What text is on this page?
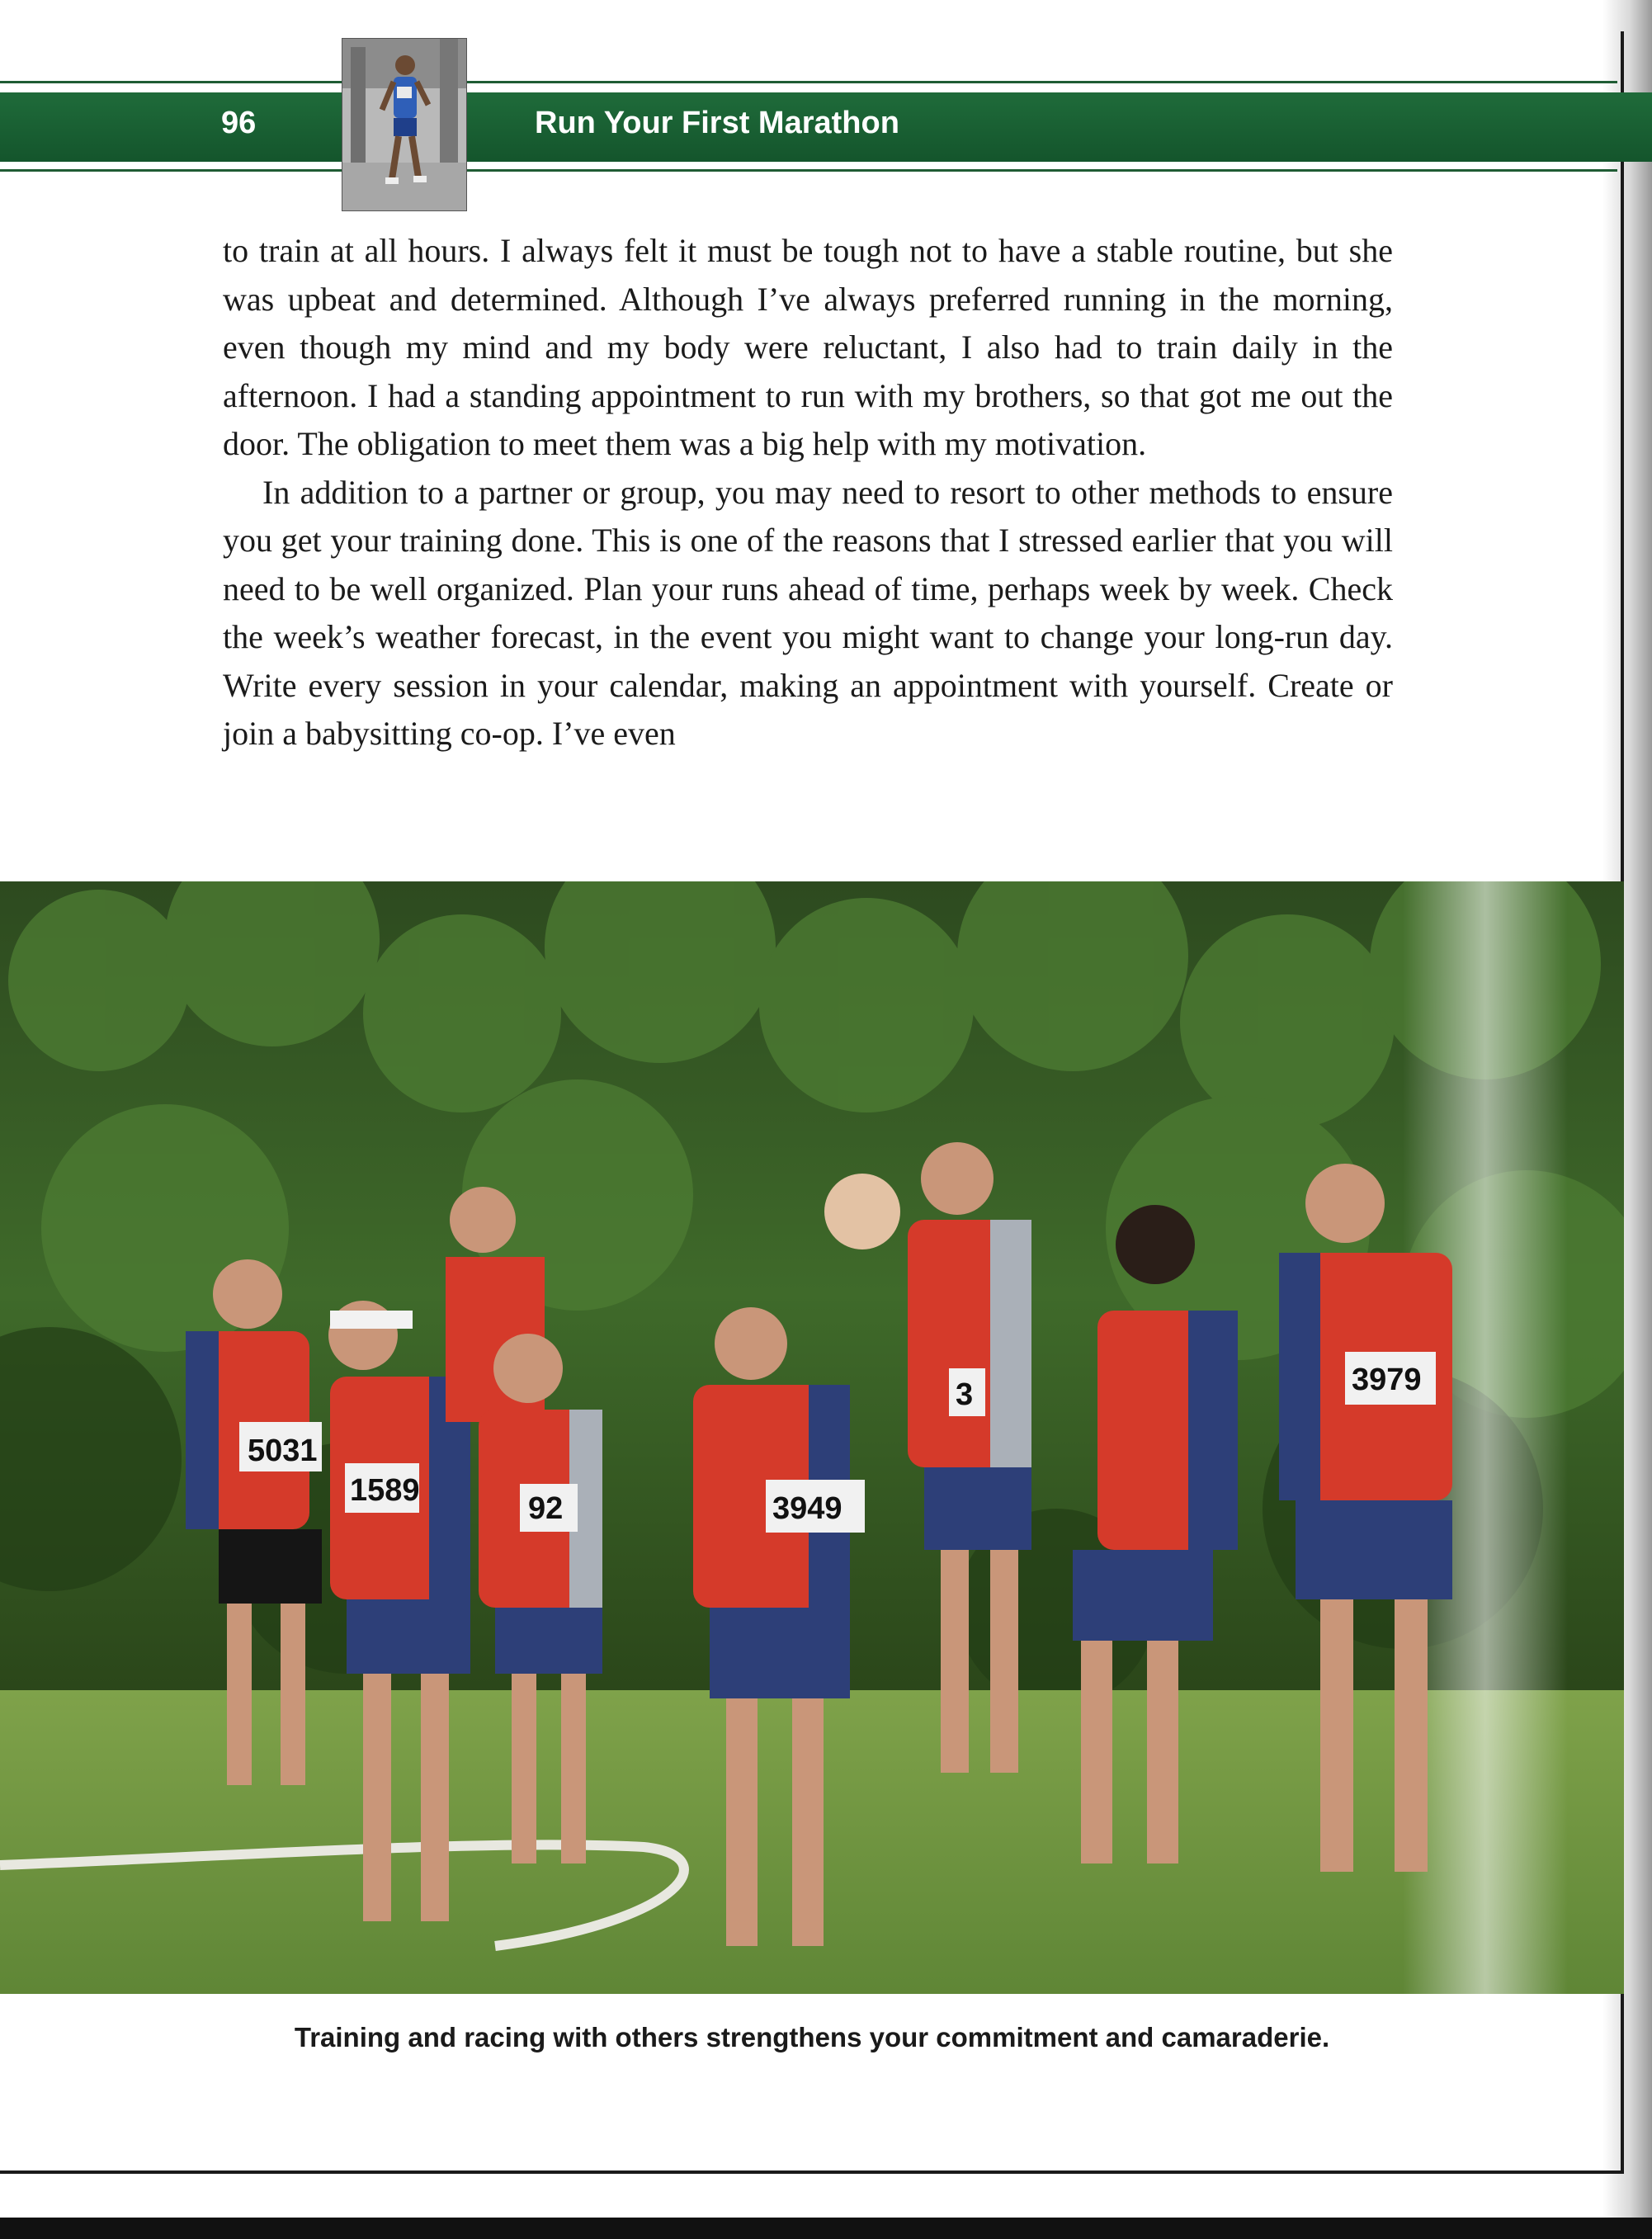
96	Run Your First Marathon

to train at all hours. I always felt it must be tough not to have a stable routine, but she was upbeat and determined. Although I’ve always preferred running in the morning, even though my mind and my body were reluctant, I also had to train daily in the afternoon. I had a standing appointment to run with my brothers, so that got me out the door. The obligation to meet them was a big help with my motivation.

In addition to a partner or group, you may need to resort to other methods to ensure you get your training done. This is one of the reasons that I stressed earlier that you will need to be well organized. Plan your runs ahead of time, perhaps week by week. Check the week’s weather forecast, in the event you might want to change your long-run day. Write every session in your calendar, making an appointment with yourself. Create or join a babysitting co-op. I’ve even

5031
1589
92	3949
3	3979
Training and racing with others strengthens your commitment and camaraderie.
